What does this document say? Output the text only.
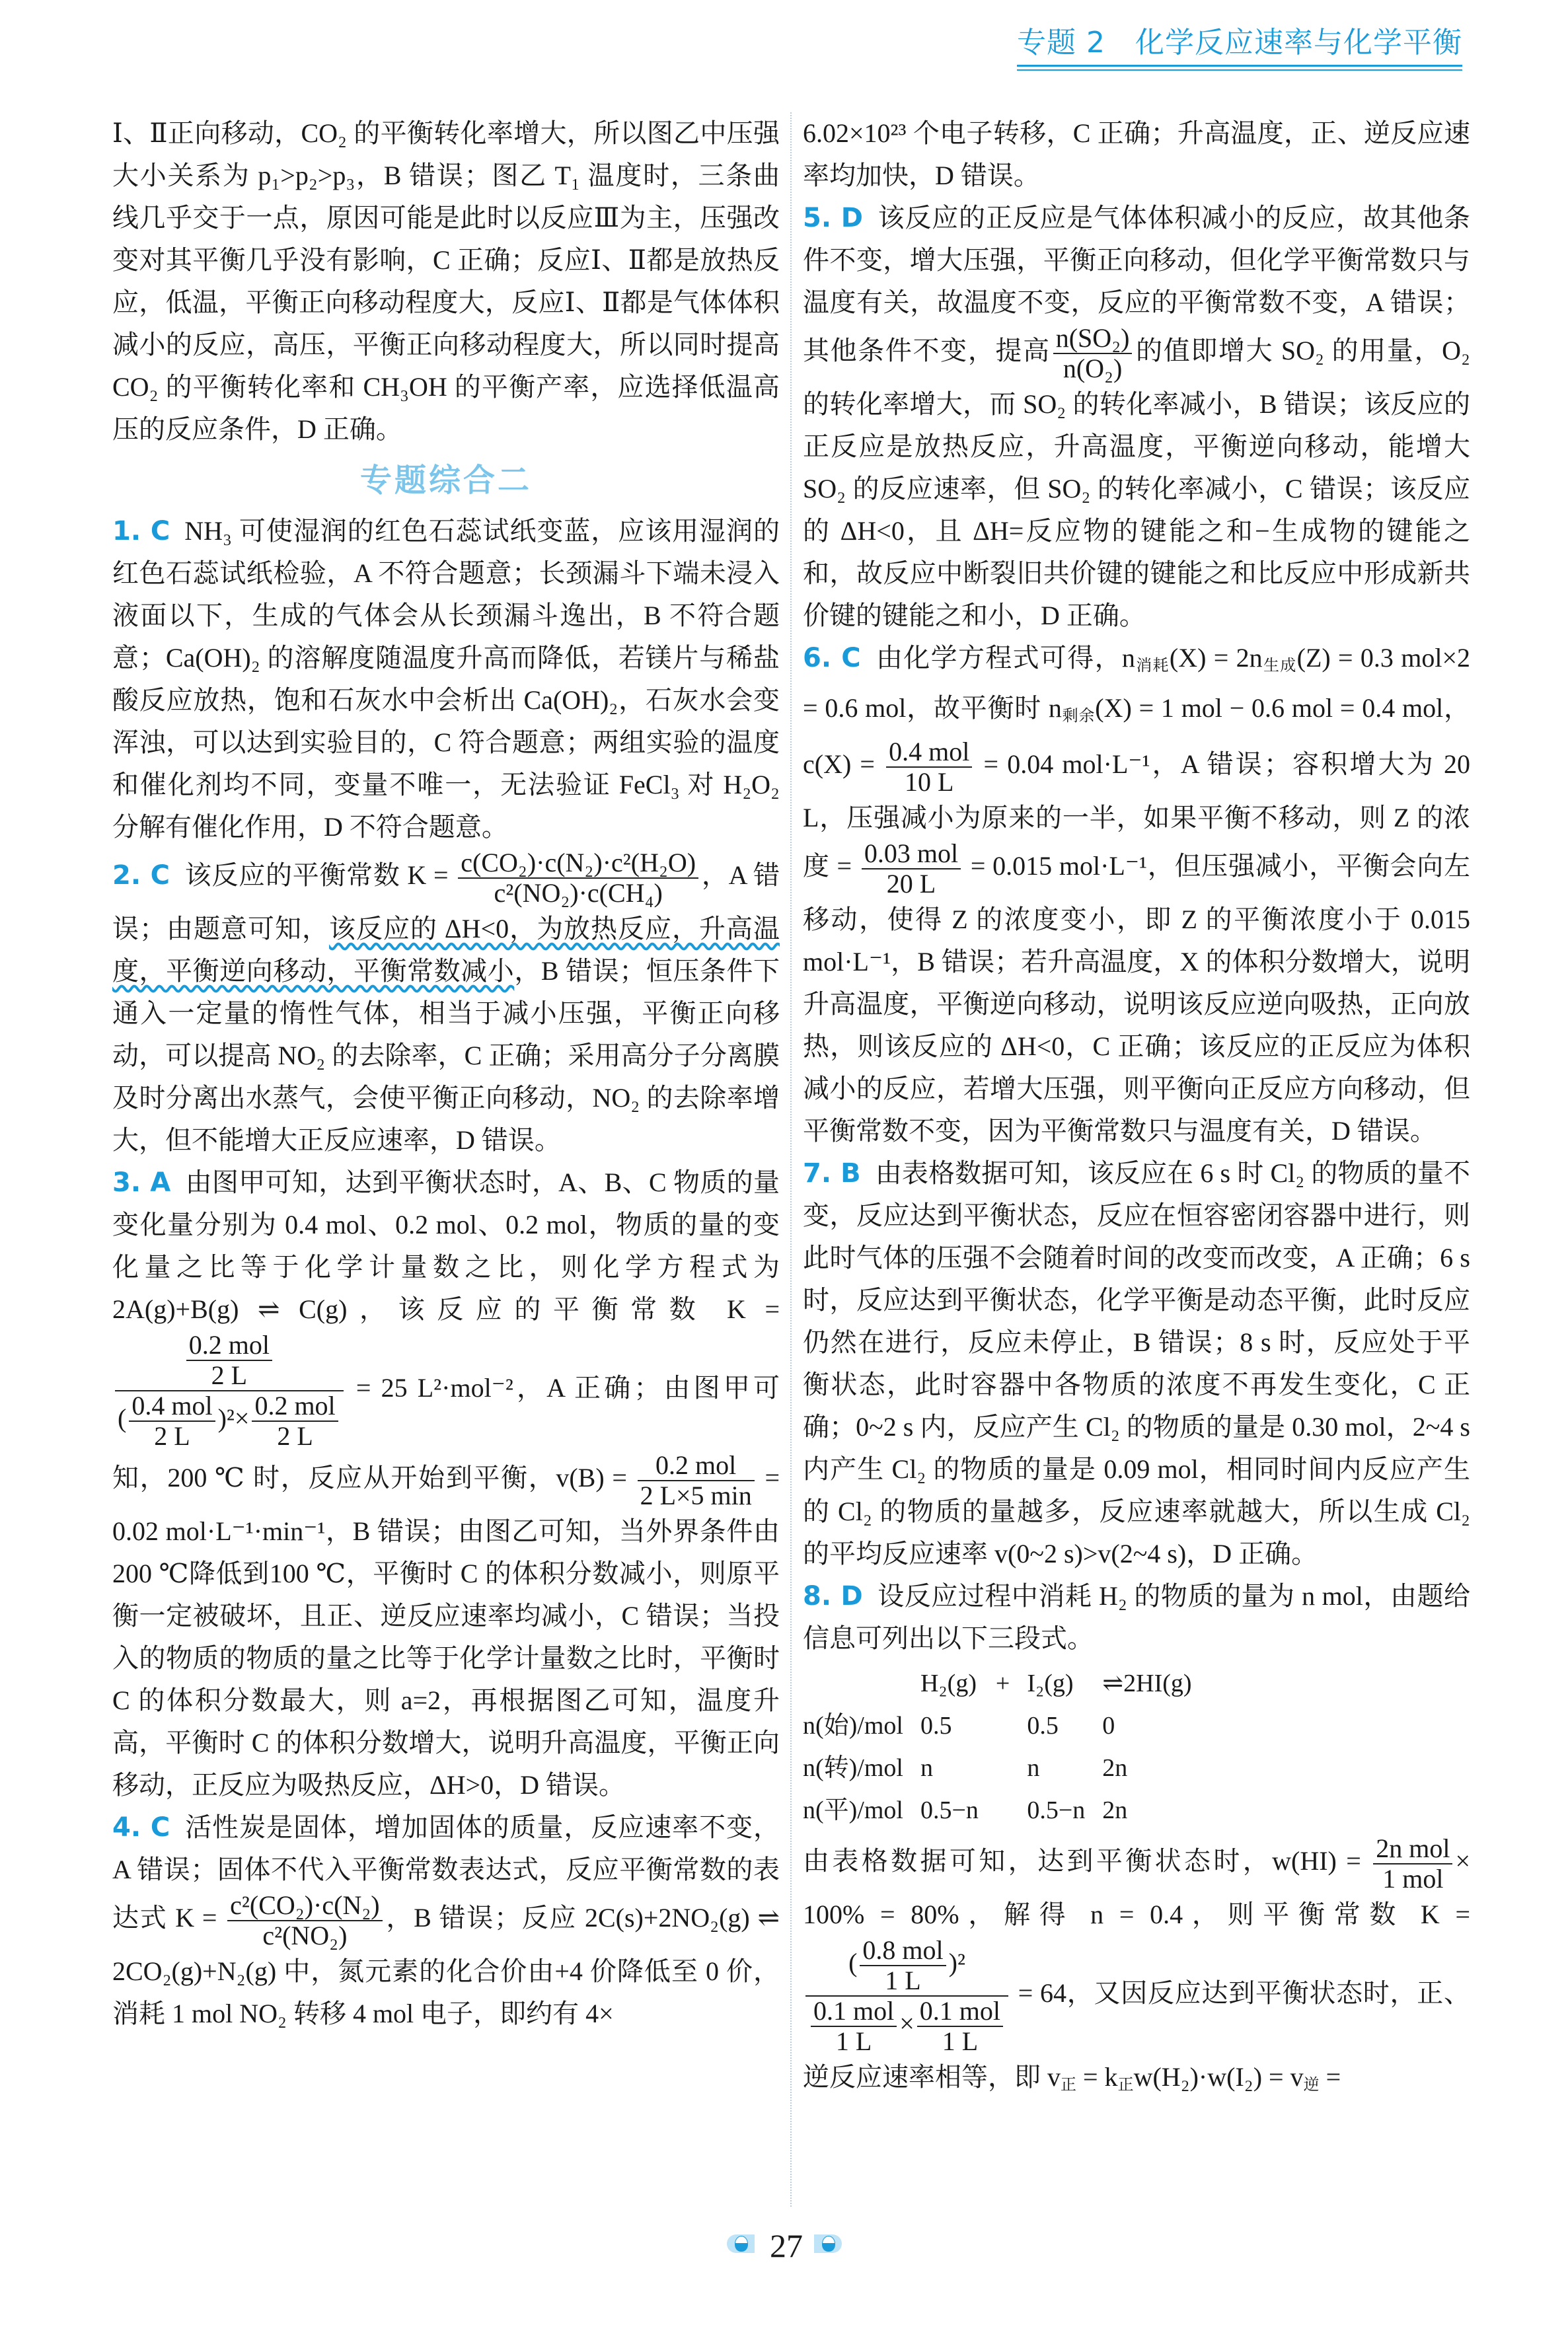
专题 2　化学反应速率与化学平衡

Ⅰ、Ⅱ正向移动，CO₂ 的平衡转化率增大，所以图乙中压强大小关系为 p₁>p₂>p₃，B 错误；图乙 T₁ 温度时，三条曲线几乎交于一点，原因可能是此时以反应Ⅲ为主，压强改变对其平衡几乎没有影响，C 正确；反应Ⅰ、Ⅱ都是放热反应，低温，平衡正向移动程度大，反应Ⅰ、Ⅱ都是气体体积减小的反应，高压，平衡正向移动程度大，所以同时提高 CO₂ 的平衡转化率和 CH₃OH 的平衡产率，应选择低温高压的反应条件，D 正确。

专题综合二

1. C NH₃ 可使湿润的红色石蕊试纸变蓝，应该用湿润的红色石蕊试纸检验，A 不符合题意；长颈漏斗下端未浸入液面以下，生成的气体会从长颈漏斗逸出，B 不符合题意；Ca(OH)₂ 的溶解度随温度升高而降低，若镁片与稀盐酸反应放热，饱和石灰水中会析出 Ca(OH)₂，石灰水会变浑浊，可以达到实验目的，C 符合题意；两组实验的温度和催化剂均不同，变量不唯一，无法验证 FeCl₃ 对 H₂O₂ 分解有催化作用，D 不符合题意。

2. C 该反应的平衡常数 $K = \frac{\text{c(CO₂)·c(N₂)·c²(H₂O)}}{\text{c²(NO₂)·c(CH₄)}}$ ，A 错误；由题意可知，该反应的 ΔH<0，为放热反应，升高温度，平衡逆向移动，平衡常数减小，B 错误；恒压条件下通入一定量的惰性气体，相当于减小压强，平衡正向移动，可以提高 NO₂ 的去除率，C 正确；采用高分子分离膜及时分离出水蒸气，会使平衡正向移动，NO₂ 的去除率增大，但不能增大正反应速率，D 错误。

3. A 由图甲可知，达到平衡状态时，A、B、C 物质的量变化量分别为 0.4 mol、0.2 mol、0.2 mol，物质的量的变化量之比等于化学计量数之比，则化学方程式为 2A(g)+B(g) ⇌ C(g)，该反应的平衡常数 K =
$\frac{\frac{\text{0.2 mol}}{2 L}}{( \frac{\text{0.4 mol}}{2 L} )^2\times \frac{\text{0.2 mol}}{2 L}} = 25$ L²·mol⁻²，A 正确；由图甲可知，200 ℃ 时，反应从开始到平衡，$v(B) = \frac{\text{0.2 mol}}{2 L\times 5 \min} = 0.02$ mol·L⁻¹·min⁻¹，B 错误；由图乙可知，当外界条件由 200 ℃降低到100 ℃，平衡时 C 的体积分数减小，则原平衡一定被破坏，且正、逆反应速率均减小，C 错误；当投入的物质的物质的量之比等于化学计量数之比时，平衡时 C 的体积分数最大，则 a=2，再根据图乙可知，温度升高，平衡时 C 的体积分数增大，说明升高温度，平衡正向移动，正反应为吸热反应，ΔH>0，D 错误。

4. C 活性炭是固体，增加固体的质量，反应速率不变，A 错误；固体不代入平衡常数表达式，反应平衡常数的表达式 $K = \frac{\text{c²(CO₂)·c(N₂)}}{\text{c²(NO₂)}}$ ，B 错误；反应 2C(s)+2NO₂(g) ⇌ 2CO₂(g)+N₂(g) 中，氮元素的化合价由+4 价降低至 0 价，消耗 1 mol NO₂ 转移 4 mol 电子，即约有 4×

6.02×10²³ 个电子转移，C 正确；升高温度，正、逆反应速率均加快，D 错误。

5. D 该反应的正反应是气体体积减小的反应，故其他条件不变，增大压强，平衡正向移动，但化学平衡常数只与温度有关，故温度不变，反应的平衡常数不变，A 错误；其他条件不变，提高 $\frac{\text{n(SO₂)}}{\text{n(O₂)}}$ 的值即增大 SO₂ 的用量，O₂ 的转化率增大，而 SO₂ 的转化率减小，B 错误；该反应的正反应是放热反应，升高温度，平衡逆向移动，能增大 SO₂ 的反应速率，但 SO₂ 的转化率减小，C 错误；该反应的 ΔH<0，且 ΔH=反应物的键能之和−生成物的键能之和，故反应中断裂旧共价键的键能之和比反应中形成新共价键的键能之和小，D 正确。

6. C 由化学方程式可得，$n_{消耗}(X) = 2n_{生成}(Z) = 0.3$ mol×2 = 0.6 mol，故平衡时 $n_{剩余}(X) = 1$ mol − 0.6 mol = 0.4 mol，$c(X) = \frac{\text{0.4 mol}}{10 L} = 0.04$ mol·L⁻¹，A 错误；容积增大为 20 L，压强减小为原来的一半，如果平衡不移动，则 Z 的浓度 = $\frac{\text{0.03 mol}}{20 L} = 0.015$ mol·L⁻¹，但压强减小，平衡会向左移动，使得 Z 的浓度变小，即 Z 的平衡浓度小于 0.015 mol·L⁻¹，B 错误；若升高温度，X 的体积分数增大，说明升高温度，平衡逆向移动，说明该反应逆向吸热，正向放热，则该反应的 ΔH<0，C 正确；该反应的正反应为体积减小的反应，若增大压强，则平衡向正反应方向移动，但平衡常数不变，因为平衡常数只与温度有关，D 错误。

7. B 由表格数据可知，该反应在 6 s 时 Cl₂ 的物质的量不变，反应达到平衡状态，反应在恒容密闭容器中进行，则此时气体的压强不会随着时间的改变而改变，A 正确；6 s 时，反应达到平衡状态，化学平衡是动态平衡，此时反应仍然在进行，反应未停止，B 错误；8 s 时，反应处于平衡状态，此时容器中各物质的浓度不再发生变化，C 正确；0~2 s 内，反应产生 Cl₂ 的物质的量是 0.30 mol，2~4 s 内产生 Cl₂ 的物质的量是 0.09 mol，相同时间内反应产生的 Cl₂ 的物质的量越多，反应速率就越大，所以生成 Cl₂ 的平均反应速率 v(0~2 s)>v(2~4 s)，D 正确。

8. D 设反应过程中消耗 H₂ 的物质的量为 n mol，由题给信息可列出以下三段式。

	H₂(g)	+	I₂(g)	⇌2HI(g)
n(始)/mol	0.5		0.5	0
n(转)/mol	n		n	2n
n(平)/mol	0.5−n		0.5−n	2n

由表格数据可知，达到平衡状态时，$w(HI) = \frac{\text{2n mol}}{\text{1 mol}} \times 100\% = 80\%$，解得 n = 0.4，则平衡常数 K =
$\frac{( \frac{\text{0.8 mol}}{1 L} )^2}{\frac{\text{0.1 mol}}{1 L} \times \frac{\text{0.1 mol}}{1 L}} = 64$，又因反应达到平衡状态时，正、逆反应速率相等，即 $v_正 = k_正w(H_2)\cdot w(I_2) = v_逆$ =

27
